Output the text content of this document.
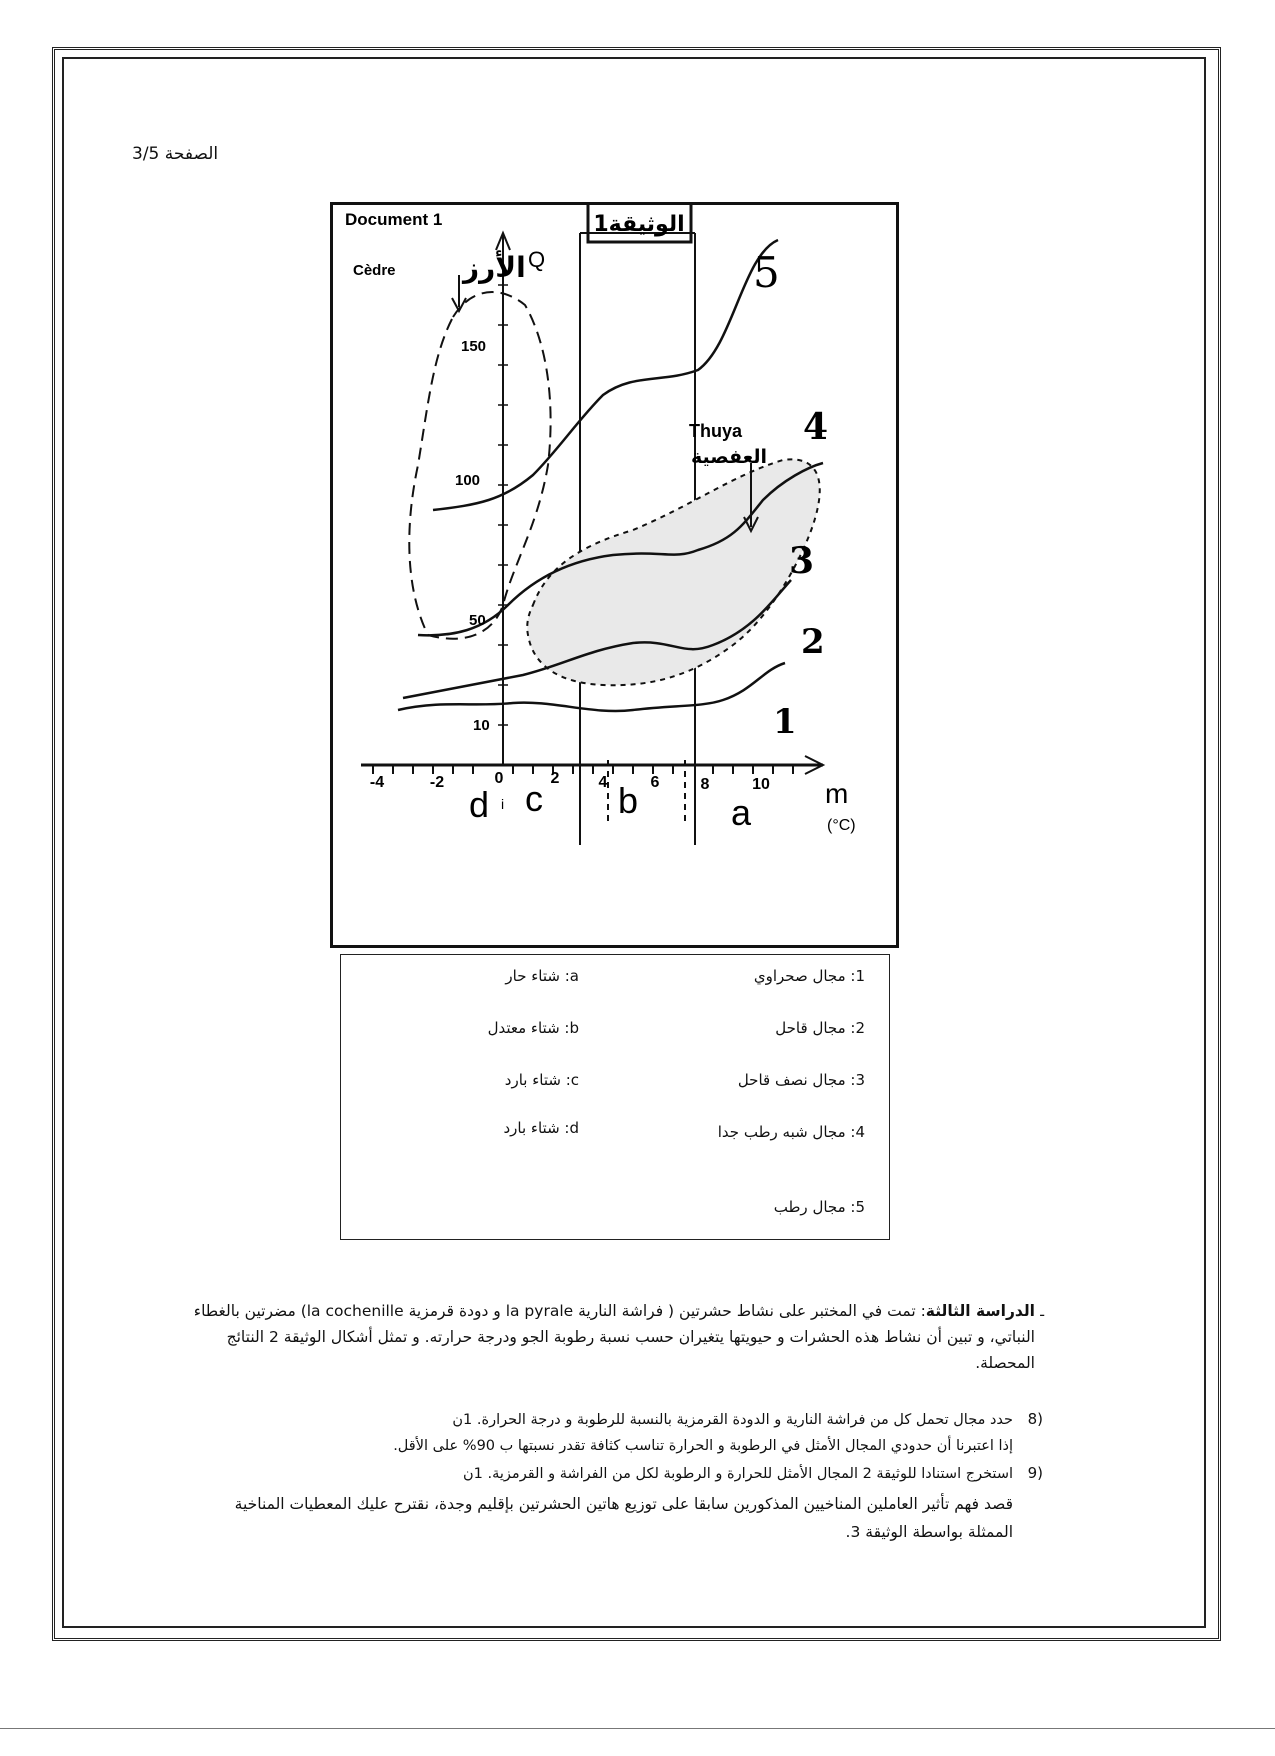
الصفحة 3/5
Document 1	الوثيقة1
Cèdre الأرز Q
Thuya
العفصية
150
100
50
10
-4	-2	0	2 4	6	8	10
d i c b	a	m
(°C)
1
2
3
4
5
1: مجال صحراوي
2: مجال قاحل
3: مجال نصف قاحل
4: مجال شبه رطب جدا
5: مجال رطب
a: شتاء حار
b: شتاء معتدل
c: شتاء بارد
d: شتاء بارد
-
الدراسة الثالثة: تمت في المختبر على نشاط حشرتين ( فراشة النارية la pyrale و دودة قرمزية la cochenille) مضرتين بالغطاء النباتي، و تبين أن نشاط هذه الحشرات و حيويتها يتغيران حسب نسبة رطوبة الجو ودرجة حرارته. و تمثل أشكال الوثيقة 2 النتائج المحصلة.
8)
حدد مجال تحمل كل من فراشة النارية و الدودة القرمزية بالنسبة للرطوبة و درجة الحرارة. 1ن
إذا اعتبرنا أن حدودي المجال الأمثل في الرطوبة و الحرارة تناسب كثافة تقدر نسبتها ب 90% على الأقل.
9)
استخرج استنادا للوثيقة 2 المجال الأمثل للحرارة و الرطوبة لكل من الفراشة و القرمزية. 1ن
قصد فهم تأثير العاملين المناخيين المذكورين سابقا على توزيع هاتين الحشرتين بإقليم وجدة، نقترح عليك المعطيات المناخية الممثلة بواسطة الوثيقة 3.
